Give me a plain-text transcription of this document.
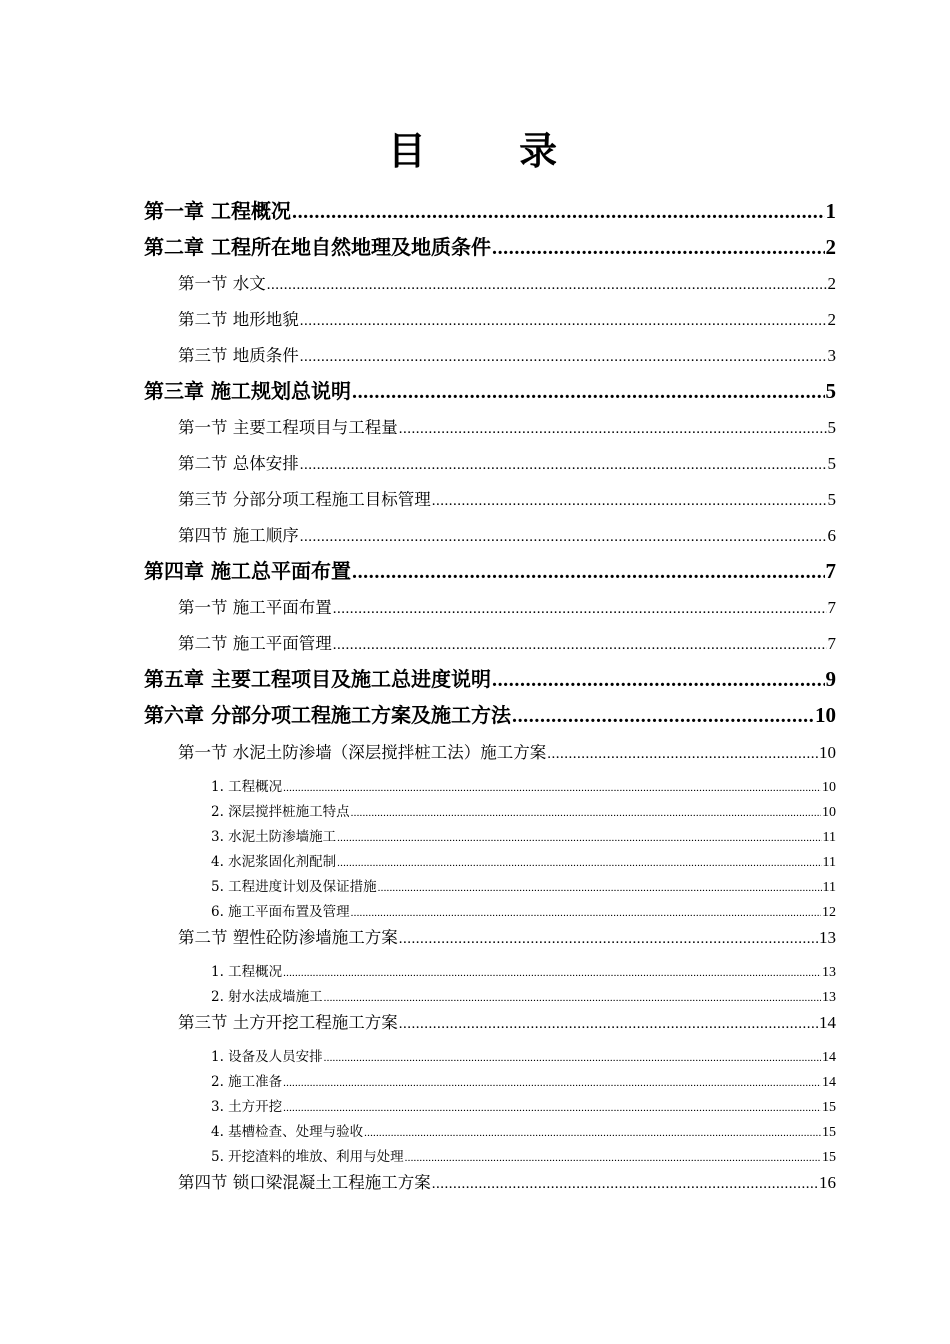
目 录
第一章 工程概况 .....	1
第二章 工程所在地自然地理及地质条件 .....	2
第一节 水文 .....	2
第二节 地形地貌 .....	2
第三节 地质条件 .....	3
第三章 施工规划总说明 .....	5
第一节 主要工程项目与工程量 .....	5
第二节 总体安排 .....	5
第三节 分部分项工程施工目标管理 .....	5
第四节 施工顺序 .....	6
第四章 施工总平面布置 .....	7
第一节 施工平面布置 .....	7
第二节 施工平面管理 .....	7
第五章 主要工程项目及施工总进度说明 .....	9
第六章 分部分项工程施工方案及施工方法 .....	10
第一节 水泥土防渗墙（深层搅拌桩工法）施工方案 .....	10
1. 工程概况 .....	10
2. 深层搅拌桩施工特点 .....	10
3. 水泥土防渗墙施工 .....	11
4. 水泥浆固化剂配制 .....	11
5. 工程进度计划及保证措施 .....	11
6. 施工平面布置及管理 .....	12
第二节 塑性砼防渗墙施工方案 .....	13
1. 工程概况 .....	13
2. 射水法成墙施工 .....	13
第三节 土方开挖工程施工方案 .....	14
1. 设备及人员安排 .....	14
2. 施工准备 .....	14
3. 土方开挖 .....	15
4. 基槽检查、处理与验收 .....	15
5. 开挖渣料的堆放、利用与处理 .....	15
第四节 锁口梁混凝土工程施工方案 .....	16
